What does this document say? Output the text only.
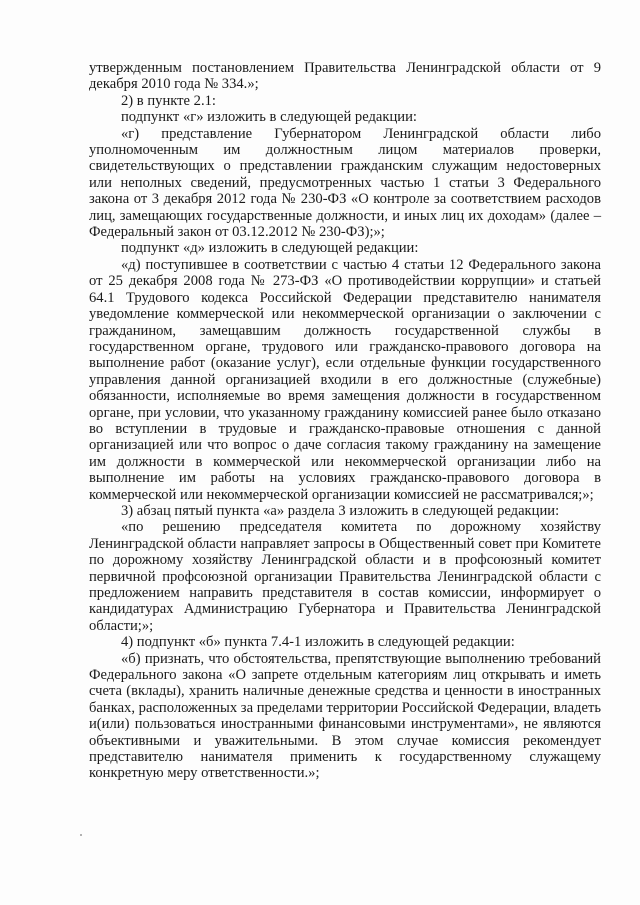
утвержденным постановлением Правительства Ленинградской области от 9 декабря 2010 года № 334.»;

2) в пункте 2.1:

подпункт «г» изложить в следующей редакции:

«г) представление Губернатором Ленинградской области либо уполномоченным им должностным лицом материалов проверки, свидетельствующих о представлении гражданским служащим недостоверных или неполных сведений, предусмотренных частью 1 статьи 3 Федерального закона от 3 декабря 2012 года № 230-ФЗ «О контроле за соответствием расходов лиц, замещающих государственные должности, и иных лиц их доходам» (далее – Федеральный закон от 03.12.2012 № 230-ФЗ);»;

подпункт «д» изложить в следующей редакции:

«д) поступившее в соответствии с частью 4 статьи 12 Федерального закона от 25 декабря 2008 года № 273-ФЗ «О противодействии коррупции» и статьей 64.1 Трудового кодекса Российской Федерации представителю нанимателя уведомление коммерческой или некоммерческой организации о заключении с гражданином, замещавшим должность государственной службы в государственном органе, трудового или гражданско-правового договора на выполнение работ (оказание услуг), если отдельные функции государственного управления данной организацией входили в его должностные (служебные) обязанности, исполняемые во время замещения должности в государственном органе, при условии, что указанному гражданину комиссией ранее было отказано во вступлении в трудовые и гражданско-правовые отношения с данной организацией или что вопрос о даче согласия такому гражданину на замещение им должности в коммерческой или некоммерческой организации либо на выполнение им работы на условиях гражданско-правового договора в коммерческой или некоммерческой организации комиссией не рассматривался;»;

3) абзац пятый пункта «а» раздела 3 изложить в следующей редакции:

«по решению председателя комитета по дорожному хозяйству Ленинградской области направляет запросы в Общественный совет при Комитете по дорожному хозяйству Ленинградской области и в профсоюзный комитет первичной профсоюзной организации Правительства Ленинградской области с предложением направить представителя в состав комиссии, информирует о кандидатурах Администрацию Губернатора и Правительства Ленинградской области;»;

4) подпункт «б» пункта 7.4-1 изложить в следующей редакции:

«б) признать, что обстоятельства, препятствующие выполнению требований Федерального закона «О запрете отдельным категориям лиц открывать и иметь счета (вклады), хранить наличные денежные средства и ценности в иностранных банках, расположенных за пределами территории Российской Федерации, владеть и(или) пользоваться иностранными финансовыми инструментами», не являются объективными и уважительными. В этом случае комиссия рекомендует представителю нанимателя применить к государственному служащему конкретную меру ответственности.»;
